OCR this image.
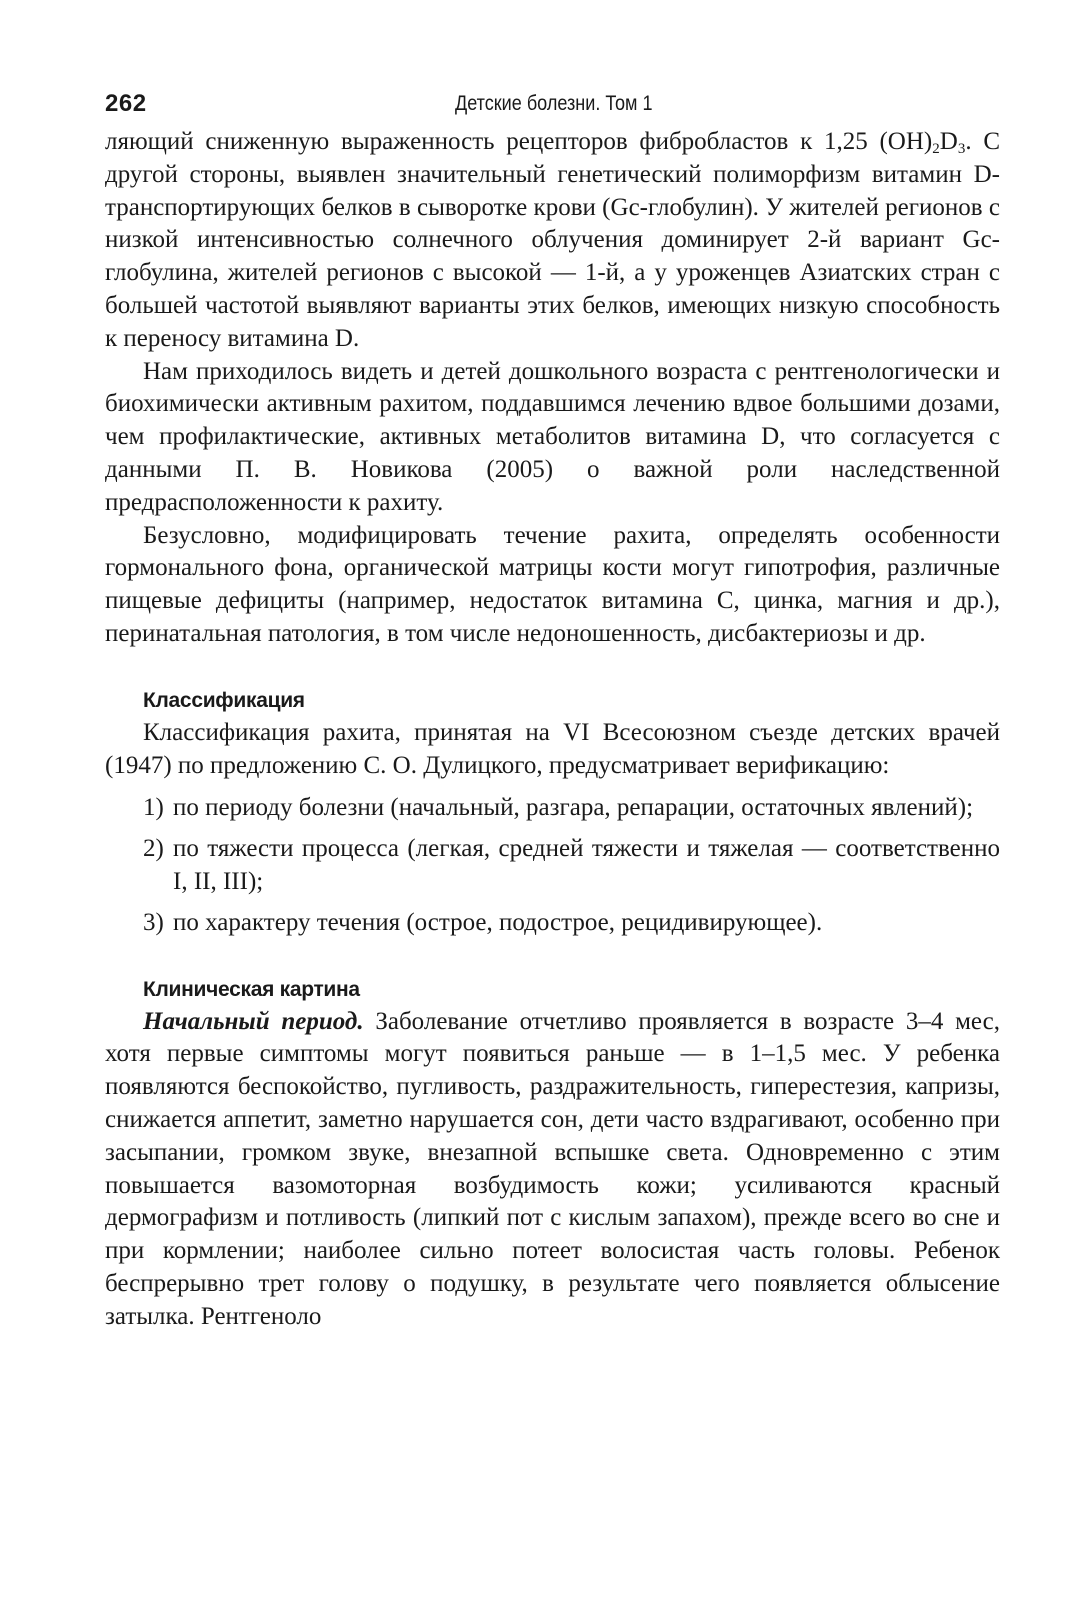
262	Детские болезни. Том 1

ляющий сниженную выраженность рецепторов фибробластов к 1,25 $(OH)_2D_3$. С другой стороны, выявлен значительный генетический полиморфизм витамин D-транспортирующих белков в сыворотке крови (Gc-глобулин). У жителей регионов с низкой интенсивностью солнечного облучения доминирует 2-й вариант Gc-глобулина, жителей регионов с высокой — 1-й, а у уроженцев Азиатских стран с большей частотой выявляют варианты этих белков, имеющих низкую способность к переносу витамина D.

Нам приходилось видеть и детей дошкольного возраста с рентгенологически и биохимически активным рахитом, поддавшимся лечению вдвое большими дозами, чем профилактические, активных метаболитов витамина D, что согласуется с данными П. В. Новикова (2005) о важной роли наследственной предрасположенности к рахиту.

Безусловно, модифицировать течение рахита, определять особенности гормонального фона, органической матрицы кости могут гипотрофия, различные пищевые дефициты (например, недостаток витамина C, цинка, магния и др.), перинатальная патология, в том числе недоношенность, дисбактериозы и др.

Классификация

Классификация рахита, принятая на VI Всесоюзном съезде детских врачей (1947) по предложению С. О. Дулицкого, предусматривает верификацию:

1) по периоду болезни (начальный, разгара, репарации, остаточных явлений);
2) по тяжести процесса (легкая, средней тяжести и тяжелая — соответственно I, II, III);
3) по характеру течения (острое, подострое, рецидивирующее).
Клиническая картина

Начальный период. Заболевание отчетливо проявляется в возрасте 3–4 мес, хотя первые симптомы могут появиться раньше — в 1–1,5 мес. У ребенка появляются беспокойство, пугливость, раздражительность, гиперестезия, капризы, снижается аппетит, заметно нарушается сон, дети часто вздрагивают, особенно при засыпании, громком звуке, внезапной вспышке света. Одновременно с этим повышается вазомоторная возбудимость кожи; усиливаются красный дермографизм и потливость (липкий пот с кислым запахом), прежде всего во сне и при кормлении; наиболее сильно потеет волосистая часть головы. Ребенок беспрерывно трет голову о подушку, в результате чего появляется облысение затылка. Рентгеноло
